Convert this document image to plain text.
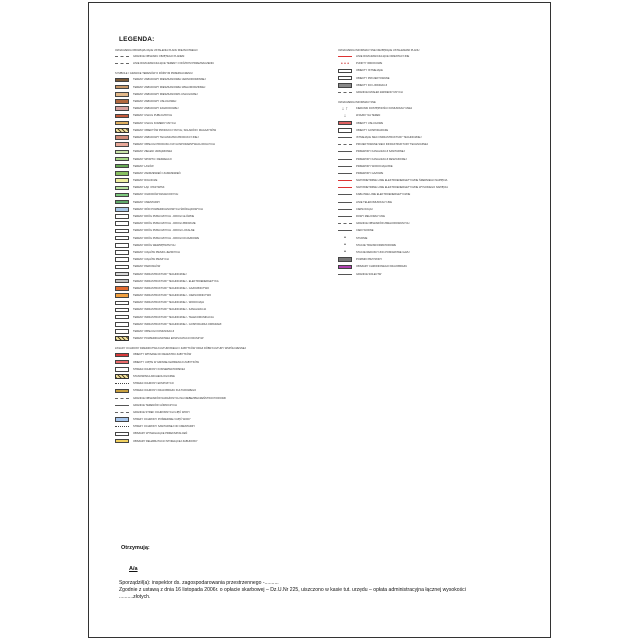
LEGENDA:
OZNACZENIA OBOWIĄZUJĄCE USTALENIA PLANU MIEJSCOWEGO
GRANICE OBSZARU OBJĘTEGO PLANEM
LINIE ROZGRANICZAJĄCE TERENY O RÓŻNYM PRZEZNACZENIU
SYMBOLE I GRANICE TERENÓW O RÓŻNYM PRZEZNACZENIU
TERENY ZABUDOWY MIESZKANIOWEJ JEDNORODZINNEJ
TERENY ZABUDOWY MIESZKANIOWEJ WIELORODZINNEJ
TERENY ZABUDOWY MIESZKANIOWO-USŁUGOWEJ
TERENY ZABUDOWY USŁUGOWEJ
TERENY ZABUDOWY ZAGRODOWEJ
TERENY USŁUG PUBLICZNYCH
TERENY USŁUG KOMERCYJNYCH
TERENY OBIEKTÓW PRODUKCYJNYCH, SKŁADÓW I MAGAZYNÓW
TERENY ZABUDOWY TECHNICZNO-PRODUKCYJNEJ
TERENY OBSŁUGI PRODUKCJI W GOSPODARSTWACH ROLNYCH
TERENY ZIELENI URZĄDZONEJ
TERENY SPORTU I REKREACJI
TERENY LASÓW
TERENY ZADRZEWIEŃ I ZAKRZEWIEŃ
TERENY ROLNICZE
TERENY ŁĄK I PASTWISK
TERENY OGRODÓW DZIAŁKOWYCH
TERENY CMENTARZY
TERENY WÓD POWIERZCHNIOWYCH ŚRÓDLĄDOWYCH
TERENY DRÓG PUBLICZNYCH - DROGI GŁÓWNE
TERENY DRÓG PUBLICZNYCH - DROGI ZBIORCZE
TERENY DRÓG PUBLICZNYCH - DROGI LOKALNE
TERENY DRÓG PUBLICZNYCH - DROGI DOJAZDOWE
TERENY DRÓG WEWNĘTRZNYCH
TERENY CIĄGÓW PIESZO-JEZDNYCH
TERENY CIĄGÓW PIESZYCH
TERENY PARKINGÓW
TERENY INFRASTRUKTURY TECHNICZNEJ
TERENY INFRASTRUKTURY TECHNICZNEJ - ELEKTROENERGETYKA
TERENY INFRASTRUKTURY TECHNICZNEJ - GAZOWNICTWO
TERENY INFRASTRUKTURY TECHNICZNEJ - CIEPŁOWNICTWO
TERENY INFRASTRUKTURY TECHNICZNEJ - WODOCIĄGI
TERENY INFRASTRUKTURY TECHNICZNEJ - KANALIZACJA
TERENY INFRASTRUKTURY TECHNICZNEJ - TELEKOMUNIKACJA
TERENY INFRASTRUKTURY TECHNICZNEJ - GOSPODARKA ODPADAMI
TERENY OBSŁUGI KOMUNIKACJI
TERENY POWIERZCHNIOWEJ EKSPLOATACJI KRUSZYW
ZASADY OCHRONY DZIEDZICTWA KULTUROWEGO I ZABYTKÓW ORAZ DÓBR KULTURY WSPÓŁCZESNEJ
OBIEKTY WPISANE DO REJESTRU ZABYTKÓW
OBIEKTY UJĘTE W GMINNEJ EWIDENCJI ZABYTKÓW
STREFA OCHRONY KONSERWATORSKIEJ
STANOWISKA ARCHEOLOGICZNE
STREFA OCHRONY EKSPOZYCJI
STREFA OCHRONY KRAJOBRAZU KULTUROWEGO
GRANICE OBSZARÓW NARAŻONYCH NA NIEBEZPIECZEŃSTWO POWODZI
GRANICE TERENÓW GÓRNICZYCH
GRANICE STREF OCHRONNYCH UJĘĆ WODY
STREFY OCHRONY POŚREDNIEJ UJĘĆ WODY
STREFY OCHRONY SANITARNEJ OD CMENTARZY
OBSZARY WYMAGAJĄCE PRZEKSZTAŁCEŃ
OBSZARY REHABILITACJI ISTNIEJĄCEJ ZABUDOWY
OZNACZENIA INFORMACYJNE NIE BĘDĄCE USTALENIAMI PLANU
LINIE ROZGRANICZAJĄCE ORIENTACYJNE
• • •	PUNKTY WIDOKOWE
OBIEKTY ISTNIEJĄCE
OBIEKTY PROJEKTOWANE
OBIEKTY DO LIKWIDACJI
GRANICE DZIAŁEK EWIDENCYJNYCH
OZNACZENIA INFORMACYJNE
↓ ↑	KIERUNKI DOSTĘPNOŚCI KOMUNIKACYJNEJ
↓	WJAZDY NA TEREN
OBIEKTY USŁUGOWE
OBIEKTY GOSPODARCZE
ISTNIEJĄCE SIECI INFRASTRUKTURY TECHNICZNEJ
PROJEKTOWANE SIECI INFRASTRUKTURY TECHNICZNEJ
PRZEWODY KANALIZACJI SANITARNEJ
PRZEWODY KANALIZACJI DESZCZOWEJ
PRZEWODY WODOCIĄGOWE
PRZEWODY GAZOWE
NAPOWIETRZNE LINIE ELEKTROENERGETYCZNE ŚREDNIEGO NAPIĘCIA
NAPOWIETRZNE LINIE ELEKTROENERGETYCZNE WYSOKIEGO NAPIĘCIA
KABLOWE LINIE ELEKTROENERGETYCZNE
LINIE TELEKOMUNIKACYJNE
CIEPŁOCIĄGI
ROWY MELIORACYJNE
GRANICE OBSZARÓW ZMELIOROWANYCH
CIEKI WODNE
•	STUDNIE
•	STACJE TRANSFORMATOROWE
•	STACJE REDUKCYJNO-POMIAROWE GAZU
POMNIKI PRZYRODY
OBSZARY CHRONIONEGO KRAJOBRAZU
GRANICE SOŁECTW
Otrzymują:
A/a
Sporządził(a): inspektor ds. zagospodarowania przestrzennego -..........
Zgodnie z ustawą z dnia 16 listopada 2006r. o opłacie skarbowej – Dz.U.Nr 225, uiszczono w kasie tut. urzędu – opłata administracyjna łącznej wysokości
..........złotych.
